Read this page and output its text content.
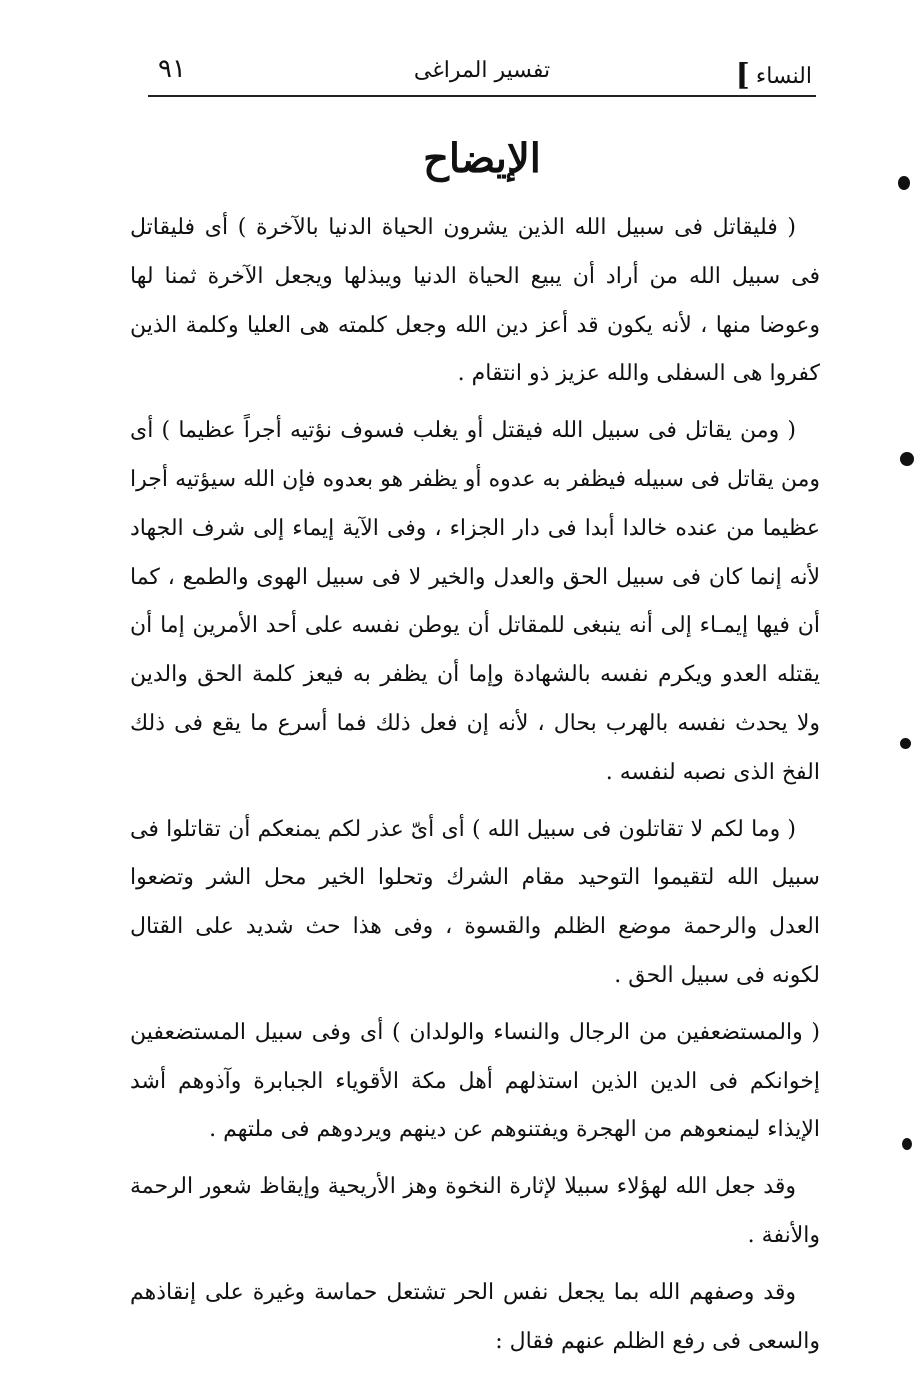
النساء]
تفسير المراغى
٩١
الإيضاح

( فليقاتل فى سبيل الله الذين يشرون الحياة الدنيا بالآخرة ) أى فليقاتل فى سبيل الله من أراد أن يبيع الحياة الدنيا ويبذلها ويجعل الآخرة ثمنا لها وعوضا منها ، لأنه يكون قد أعز دين الله وجعل كلمته هى العليا وكلمة الذين كفروا هى السفلى والله عزيز ذو انتقام .

( ومن يقاتل فى سبيل الله فيقتل أو يغلب فسوف نؤتيه أجراً عظيما ) أى ومن يقاتل فى سبيله فيظفر به عدوه أو يظفر هو بعدوه فإن الله سيؤتيه أجرا عظيما من عنده خالدا أبدا فى دار الجزاء ، وفى الآية إيماء إلى شرف الجهاد لأنه إنما كان فى سبيل الحق والعدل والخير لا فى سبيل الهوى والطمع ، كما أن فيها إيمـاء إلى أنه ينبغى للمقاتل أن يوطن نفسه على أحد الأمرين إما أن يقتله العدو ويكرم نفسه بالشهادة وإما أن يظفر به فيعز كلمة الحق والدين ولا يحدث نفسه بالهرب بحال ، لأنه إن فعل ذلك فما أسرع ما يقع فى ذلك الفخ الذى نصبه لنفسه .

( وما لكم لا تقاتلون فى سبيل الله ) أى أىّ عذر لكم يمنعكم أن تقاتلوا فى سبيل الله لتقيموا التوحيد مقام الشرك وتحلوا الخير محل الشر وتضعوا العدل والرحمة موضع الظلم والقسوة ، وفى هذا حث شديد على القتال لكونه فى سبيل الحق .

( والمستضعفين من الرجال والنساء والولدان ) أى وفى سبيل المستضعفين إخوانكم فى الدين الذين استذلهم أهل مكة الأقوياء الجبابرة وآذوهم أشد الإيذاء ليمنعوهم من الهجرة ويفتنوهم عن دينهم ويردوهم فى ملتهم .

وقد جعل الله لهؤلاء سبيلا لإثارة النخوة وهز الأريحية وإيقاظ شعور الرحمة والأنفة .

وقد وصفهم الله بما يجعل نفس الحر تشتعل حماسة وغيرة على إنقاذهم والسعى فى رفع الظلم عنهم فقال :
